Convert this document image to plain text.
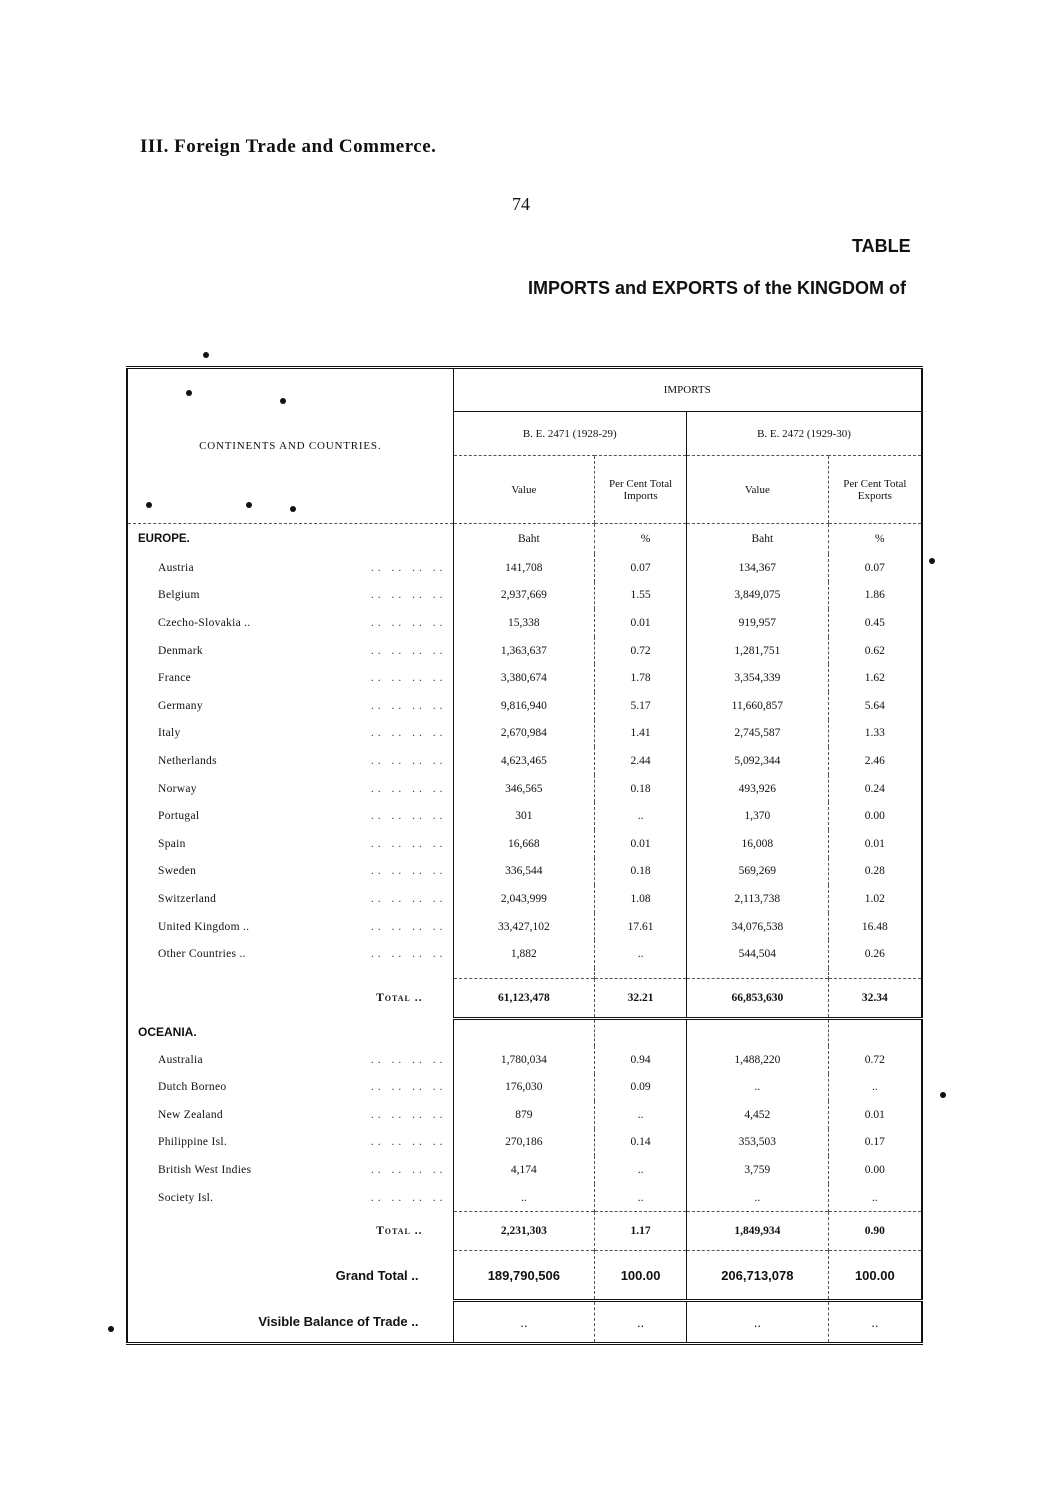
III. Foreign Trade and Commerce.
74
TABLE
IMPORTS and EXPORTS of the KINGDOM of
CONTINENTS AND COUNTRIES.	IMPORTS			
	B. E. 2471 (1928-29)		B. E. 2472 (1929-30)	
	Value	Per Cent Total Imports	Value	Per Cent Total Exports
EUROPE.	Baht	%	Baht	%
Austria .. .. .. ..	141,708	0.07	134,367	0.07
Belgium .. .. .. ..	2,937,669	1.55	3,849,075	1.86
Czecho-Slovakia .. .. .. .. ..	15,338	0.01	919,957	0.45
Denmark .. .. .. ..	1,363,637	0.72	1,281,751	0.62
France .. .. .. ..	3,380,674	1.78	3,354,339	1.62
Germany .. .. .. ..	9,816,940	5.17	11,660,857	5.64
Italy .. .. .. ..	2,670,984	1.41	2,745,587	1.33
Netherlands .. .. .. ..	4,623,465	2.44	5,092,344	2.46
Norway .. .. .. ..	346,565	0.18	493,926	0.24
Portugal .. .. .. ..	301	..	1,370	0.00
Spain .. .. .. ..	16,668	0.01	16,008	0.01
Sweden .. .. .. ..	336,544	0.18	569,269	0.28
Switzerland .. .. .. ..	2,043,999	1.08	2,113,738	1.02
United Kingdom .. .. .. .. ..	33,427,102	17.61	34,076,538	16.48
Other Countries .. .. .. .. ..	1,882	..	544,504	0.26

Total ..	61,123,478	32.21	66,853,630	32.34
OCEANIA.				
Australia .. .. .. ..	1,780,034	0.94	1,488,220	0.72
Dutch Borneo .. .. .. ..	176,030	0.09	..	..
New Zealand .. .. .. ..	879	..	4,452	0.01
Philippine Isl. .. .. .. ..	270,186	0.14	353,503	0.17
British West Indies .. .. .. ..	4,174	..	3,759	0.00
Society Isl. .. .. .. ..	..	..	..	..
Total ..	2,231,303	1.17	1,849,934	0.90
Grand Total ..	189,790,506	100.00	206,713,078	100.00
Visible Balance of Trade ..	..	..	..	..
